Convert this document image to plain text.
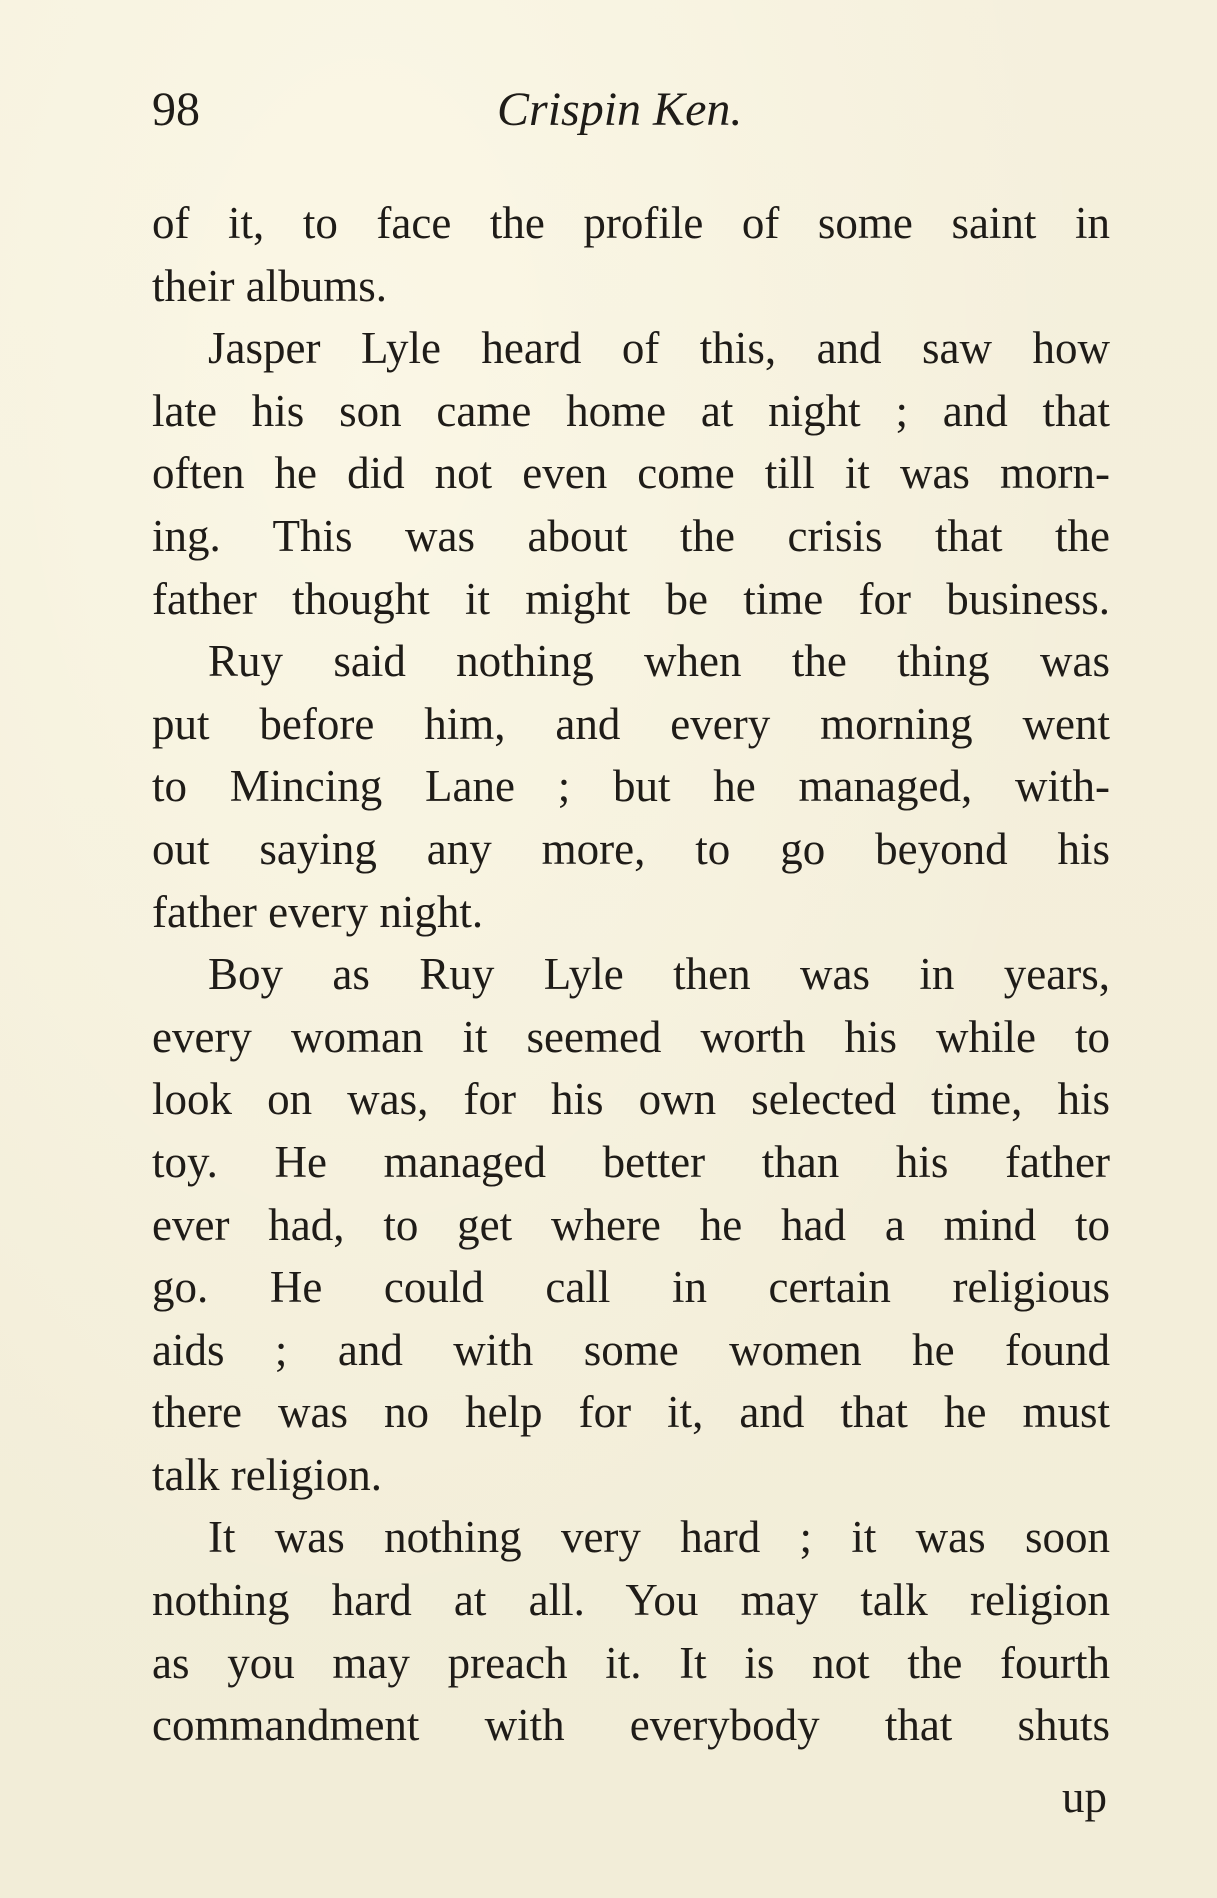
98	Crispin Ken.
of it, to face the profile of some saint in
their albums.
Jasper Lyle heard of this, and saw how
late his son came home at night ; and that
often he did not even come till it was morn-
ing. This was about the crisis that the
father thought it might be time for business.
Ruy said nothing when the thing was
put before him, and every morning went
to Mincing Lane ; but he managed, with-
out saying any more, to go beyond his
father every night.
Boy as Ruy Lyle then was in years,
every woman it seemed worth his while to
look on was, for his own selected time, his
toy. He managed better than his father
ever had, to get where he had a mind to
go. He could call in certain religious
aids ; and with some women he found
there was no help for it, and that he must
talk religion.
It was nothing very hard ; it was soon
nothing hard at all. You may talk religion
as you may preach it. It is not the fourth
commandment with everybody that shuts
up
